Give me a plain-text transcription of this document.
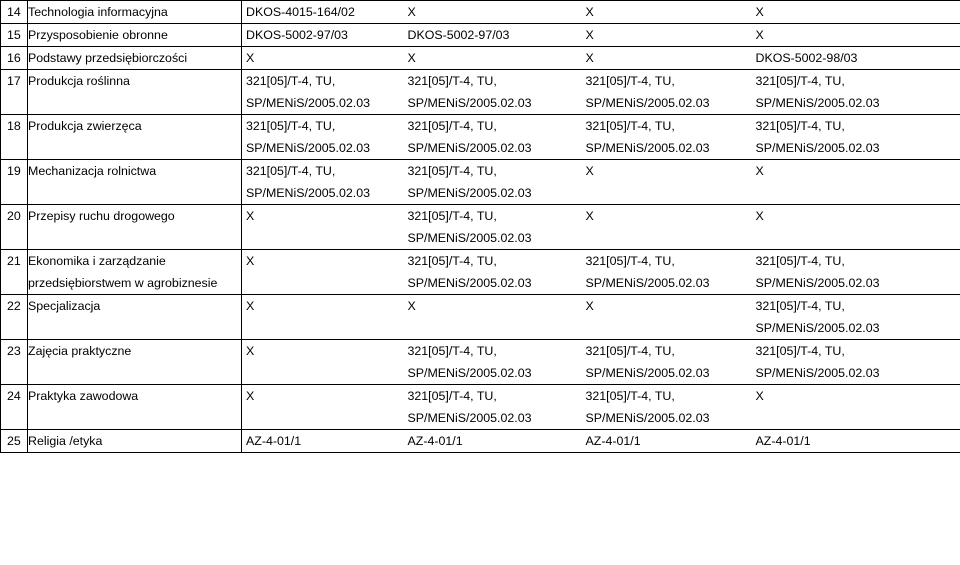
14	Technologia informacyjna	DKOS-4015-164/02	X	X	X

15	Przysposobienie obronne	DKOS-5002-97/03	DKOS-5002-97/03	X	X

16	Podstawy przedsiębiorczości	X	X	X	DKOS-5002-98/03

17	Produkcja roślinna	321[05]/T-4, TU,
SP/MENiS/2005.02.03	321[05]/T-4, TU,
SP/MENiS/2005.02.03	321[05]/T-4, TU,
SP/MENiS/2005.02.03	321[05]/T-4, TU,
SP/MENiS/2005.02.03

18	Produkcja zwierzęca	321[05]/T-4, TU,
SP/MENiS/2005.02.03	321[05]/T-4, TU,
SP/MENiS/2005.02.03	321[05]/T-4, TU,
SP/MENiS/2005.02.03	321[05]/T-4, TU,
SP/MENiS/2005.02.03

19	Mechanizacja rolnictwa	321[05]/T-4, TU,
SP/MENiS/2005.02.03	321[05]/T-4, TU,
SP/MENiS/2005.02.03	X	X

20	Przepisy ruchu drogowego	X	321[05]/T-4, TU,
SP/MENiS/2005.02.03	X	X

21	Ekonomika i zarządzanie
przedsiębiorstwem w agrobiznesie	X	321[05]/T-4, TU,
SP/MENiS/2005.02.03	321[05]/T-4, TU,
SP/MENiS/2005.02.03	321[05]/T-4, TU,
SP/MENiS/2005.02.03

22	Specjalizacja	X	X	X	321[05]/T-4, TU,
SP/MENiS/2005.02.03

23	Zajęcia praktyczne	X	321[05]/T-4, TU,
SP/MENiS/2005.02.03	321[05]/T-4, TU,
SP/MENiS/2005.02.03	321[05]/T-4, TU,
SP/MENiS/2005.02.03

24	Praktyka zawodowa	X	321[05]/T-4, TU,
SP/MENiS/2005.02.03	321[05]/T-4, TU,
SP/MENiS/2005.02.03	X

25	Religia /etyka	AZ-4-01/1	AZ-4-01/1	AZ-4-01/1	AZ-4-01/1
